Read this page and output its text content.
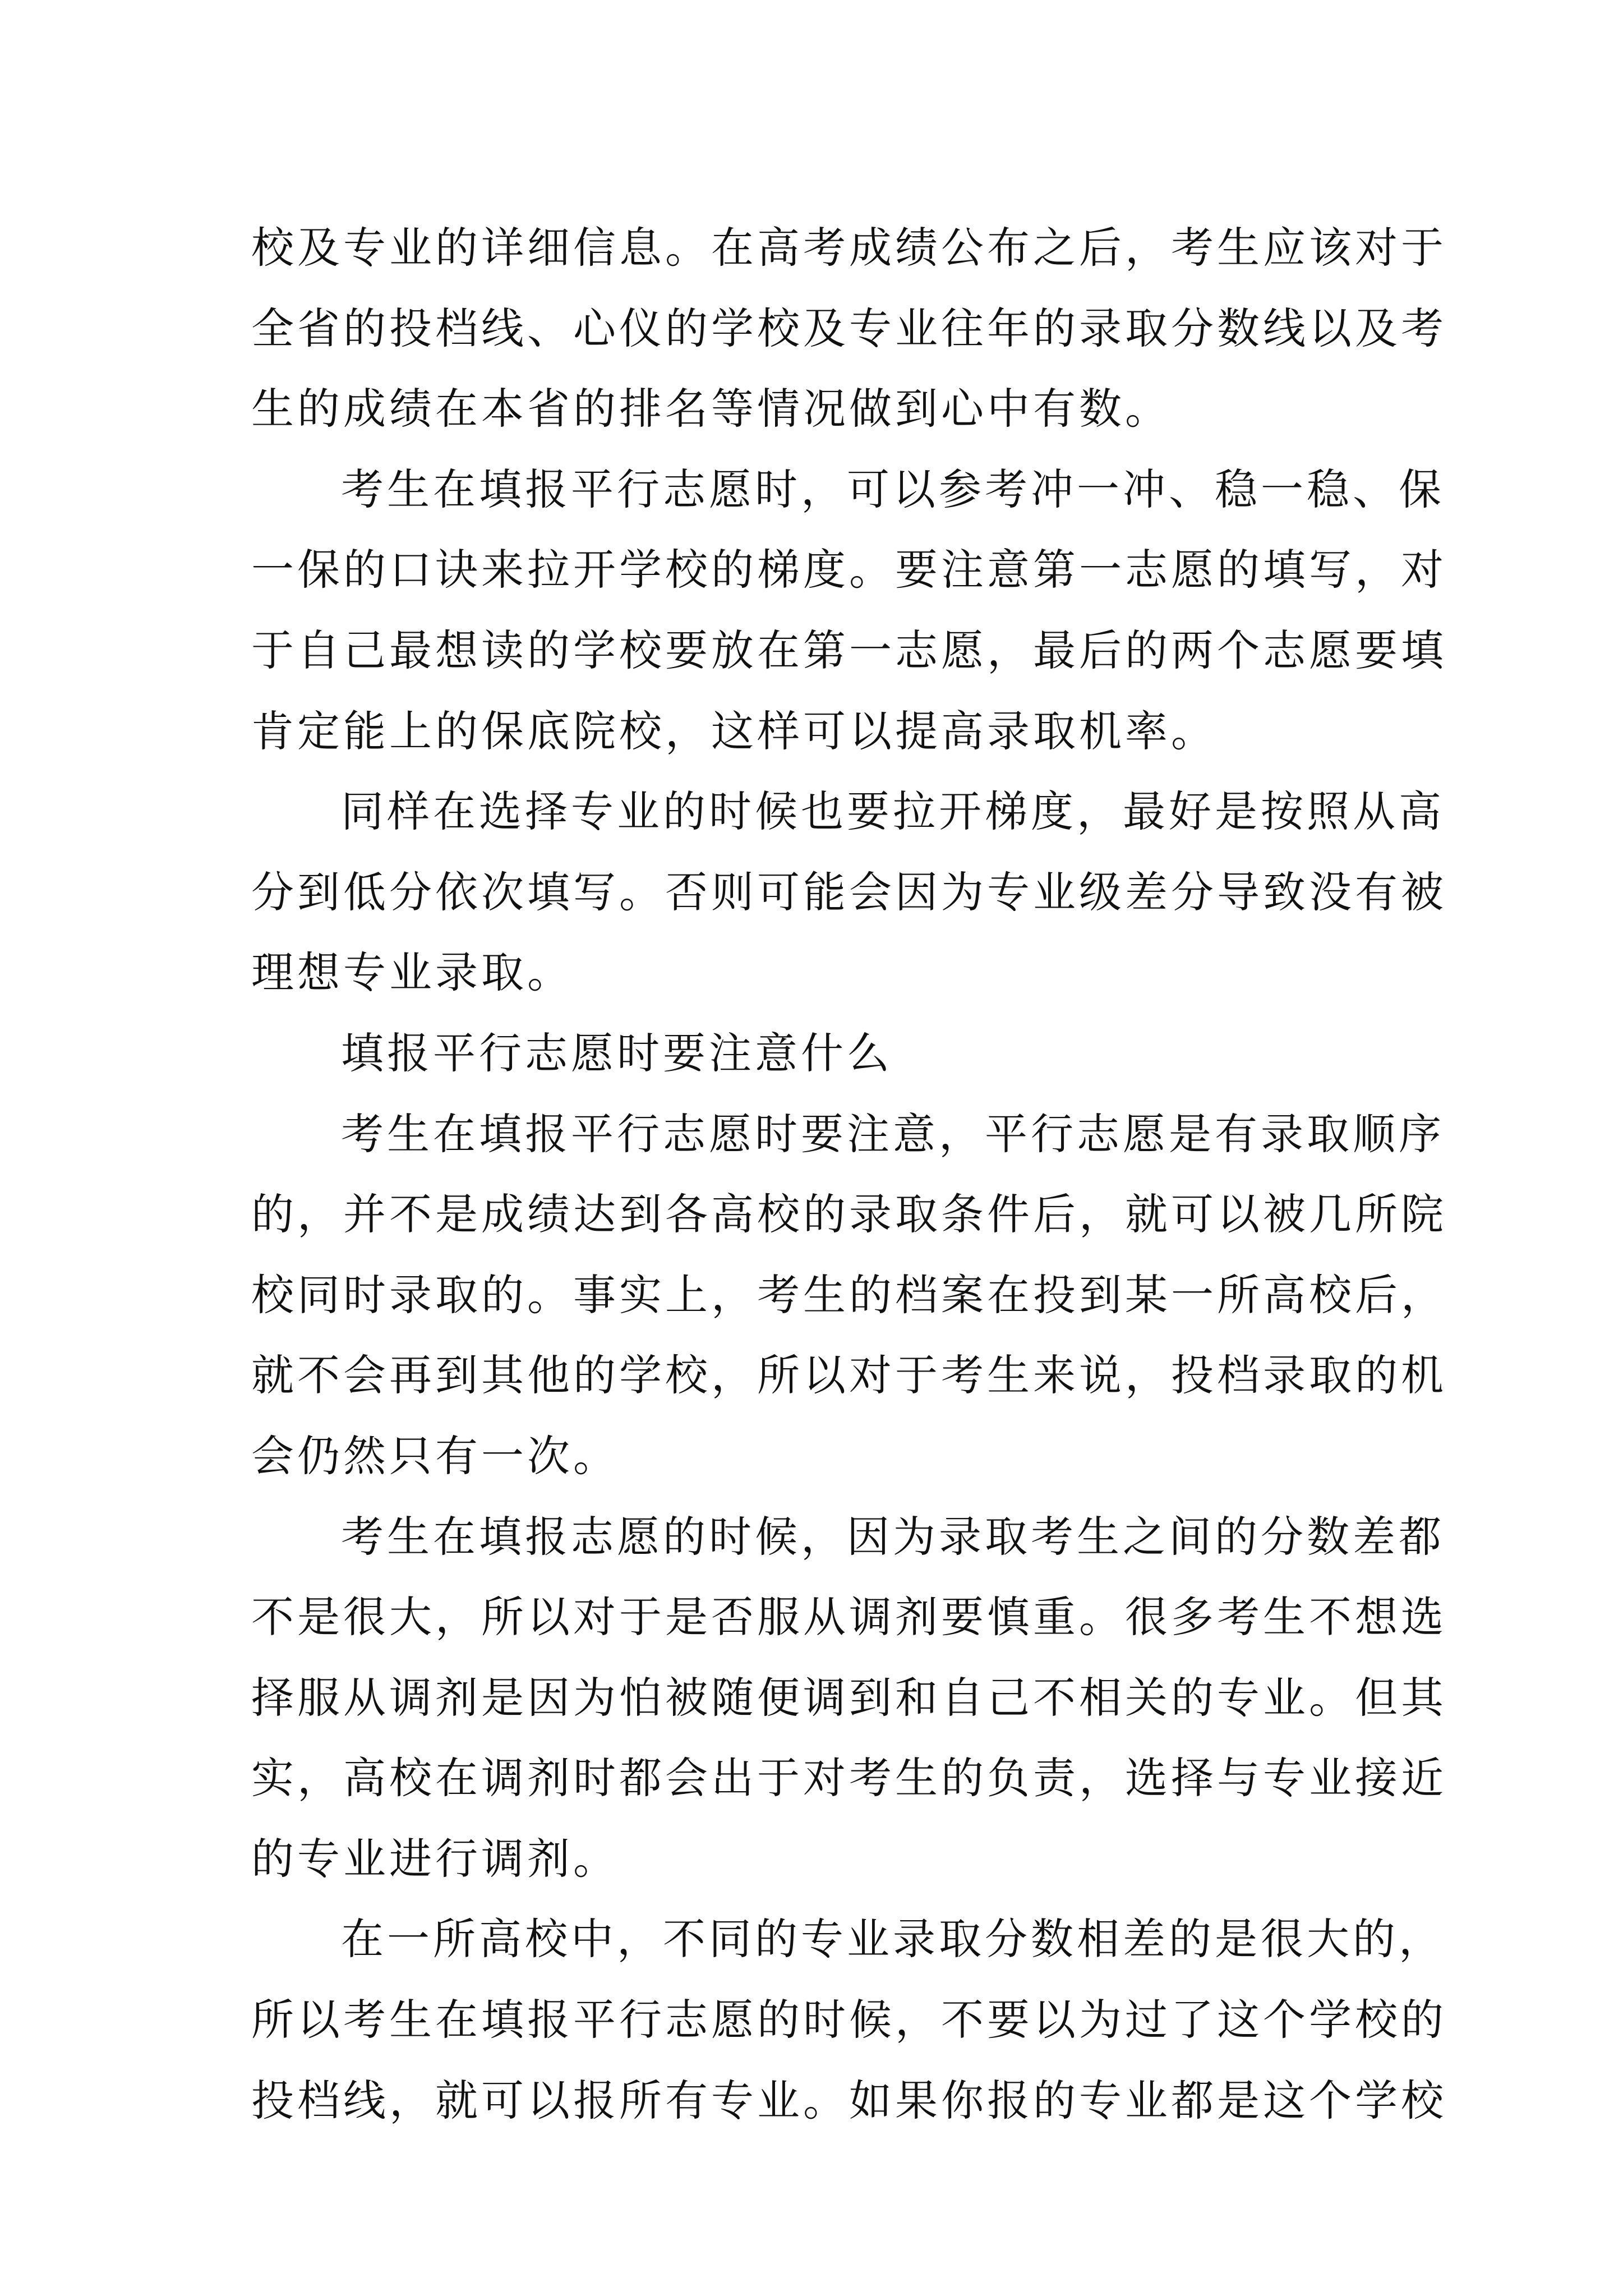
校及专业的详细信息。在高考成绩公布之后，考生应该对于
全省的投档线、心仪的学校及专业往年的录取分数线以及考
生的成绩在本省的排名等情况做到心中有数。
考生在填报平行志愿时，可以参考冲一冲、稳一稳、保
一保的口诀来拉开学校的梯度。要注意第一志愿的填写，对
于自己最想读的学校要放在第一志愿，最后的两个志愿要填
肯定能上的保底院校，这样可以提高录取机率。
同样在选择专业的时候也要拉开梯度，最好是按照从高
分到低分依次填写。否则可能会因为专业级差分导致没有被
理想专业录取。
填报平行志愿时要注意什么
考生在填报平行志愿时要注意，平行志愿是有录取顺序
的，并不是成绩达到各高校的录取条件后，就可以被几所院
校同时录取的。事实上，考生的档案在投到某一所高校后，
就不会再到其他的学校，所以对于考生来说，投档录取的机
会仍然只有一次。
考生在填报志愿的时候，因为录取考生之间的分数差都
不是很大，所以对于是否服从调剂要慎重。很多考生不想选
择服从调剂是因为怕被随便调到和自己不相关的专业。但其
实，高校在调剂时都会出于对考生的负责，选择与专业接近
的专业进行调剂。
在一所高校中，不同的专业录取分数相差的是很大的，
所以考生在填报平行志愿的时候，不要以为过了这个学校的
投档线，就可以报所有专业。如果你报的专业都是这个学校
